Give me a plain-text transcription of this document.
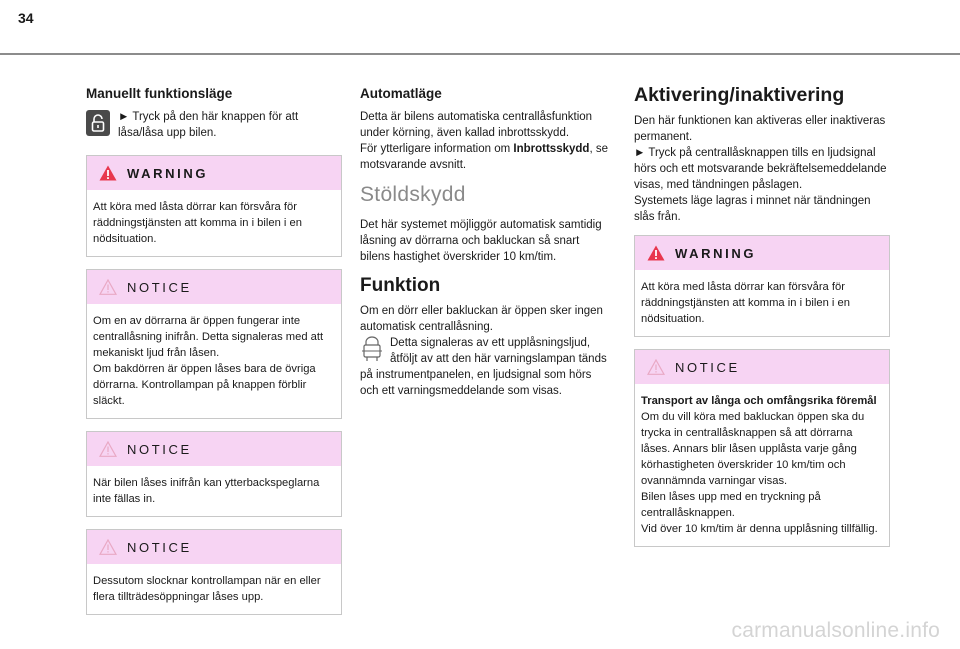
34
Manuellt funktionsläge

► Tryck på den här knappen för att låsa/låsa upp bilen.

WARNING

Att köra med låsta dörrar kan försvåra för räddningstjänsten att komma in i bilen i en nödsituation.

NOTICE

Om en av dörrarna är öppen fungerar inte centrallåsning inifrån. Detta signaleras med att mekaniskt ljud från låsen.

Om bakdörren är öppen låses bara de övriga dörrarna. Kontrollampan på knappen förblir släckt.

NOTICE

När bilen låses inifrån kan ytterbackspeglarna inte fällas in.

NOTICE

Dessutom slocknar kontrollampan när en eller flera tillträdesöppningar låses upp.

Automatläge

Detta är bilens automatiska centrallåsfunktion under körning, även kallad inbrottsskydd.

För ytterligare information om Inbrottsskydd, se motsvarande avsnitt.

Stöldskydd

Det här systemet möjliggör automatisk samtidig låsning av dörrarna och bakluckan så snart bilens hastighet överskrider 10 km/tim.

Funktion

Om en dörr eller bakluckan är öppen sker ingen automatisk centrallåsning.

Detta signaleras av ett upplåsningsljud, åtföljt av att den här varningslampan tänds på instrumentpanelen, en ljudsignal som hörs och ett varningsmeddelande som visas.

Aktivering/inaktivering

Den här funktionen kan aktiveras eller inaktiveras permanent.

► Tryck på centrallåsknappen tills en ljudsignal hörs och ett motsvarande bekräftelsemeddelande visas, med tändningen påslagen.

Systemets läge lagras i minnet när tändningen slås från.

WARNING

Att köra med låsta dörrar kan försvåra för räddningstjänsten att komma in i bilen i en nödsituation.

NOTICE

Transport av långa och omfångsrika föremål

Om du vill köra med bakluckan öppen ska du trycka in centrallåsknappen så att dörrarna låses. Annars blir låsen upplåsta varje gång körhastigheten överskrider 10 km/tim och ovannämnda varningar visas.

Bilen låses upp med en tryckning på centrallåsknappen.

Vid över 10 km/tim är denna upplåsning tillfällig.

carmanualsonline.info
